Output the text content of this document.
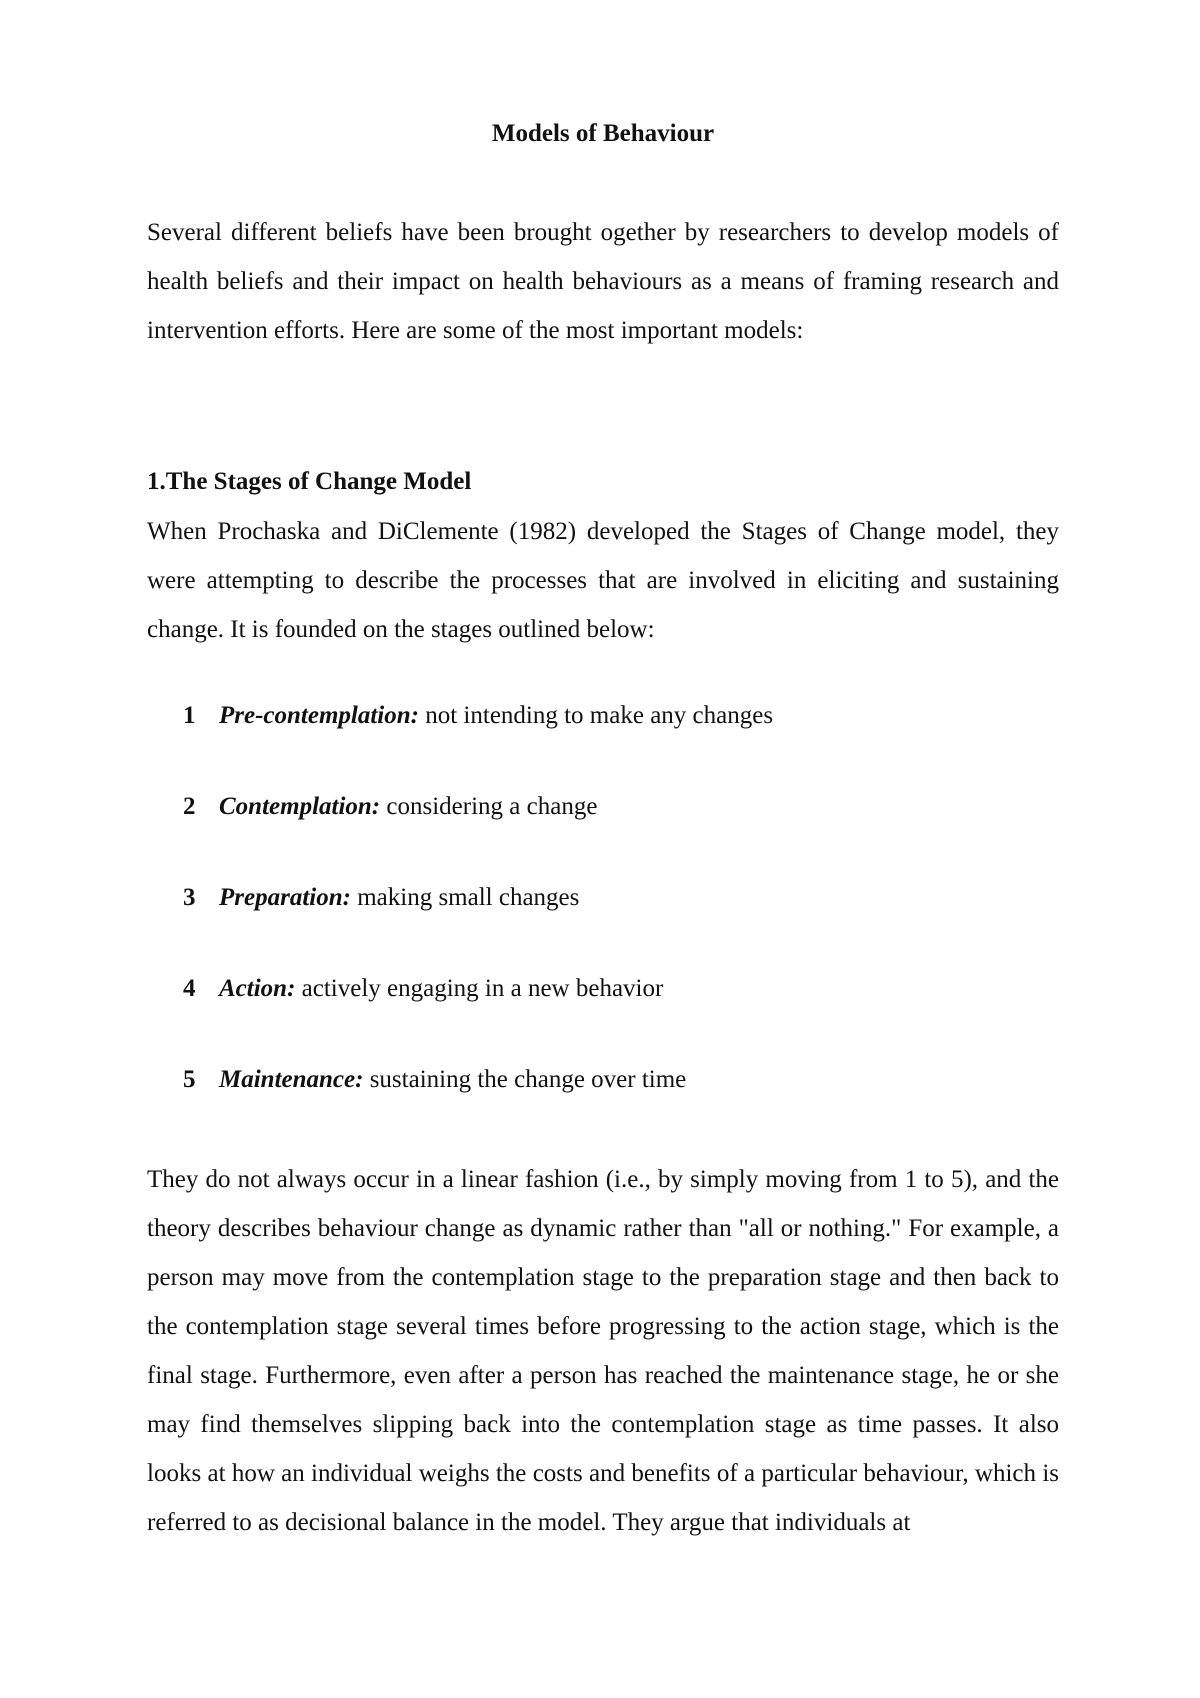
Models of Behaviour

Several different beliefs have been brought ogether by researchers to develop models of health beliefs and their impact on health behaviours as a means of framing research and intervention efforts. Here are some of the most important models:

1.The Stages of Change Model

When Prochaska and DiClemente (1982) developed the Stages of Change model, they were attempting to describe the processes that are involved in eliciting and sustaining change. It is founded on the stages outlined below:

1 Pre-contemplation: not intending to make any changes
2 Contemplation: considering a change
3 Preparation: making small changes
4 Action: actively engaging in a new behavior
5 Maintenance: sustaining the change over time

They do not always occur in a linear fashion (i.e., by simply moving from 1 to 5), and the theory describes behaviour change as dynamic rather than "all or nothing." For example, a person may move from the contemplation stage to the preparation stage and then back to the contemplation stage several times before progressing to the action stage, which is the final stage. Furthermore, even after a person has reached the maintenance stage, he or she may find themselves slipping back into the contemplation stage as time passes. It also looks at how an individual weighs the costs and benefits of a particular behaviour, which is referred to as decisional balance in the model. They argue that individuals at
